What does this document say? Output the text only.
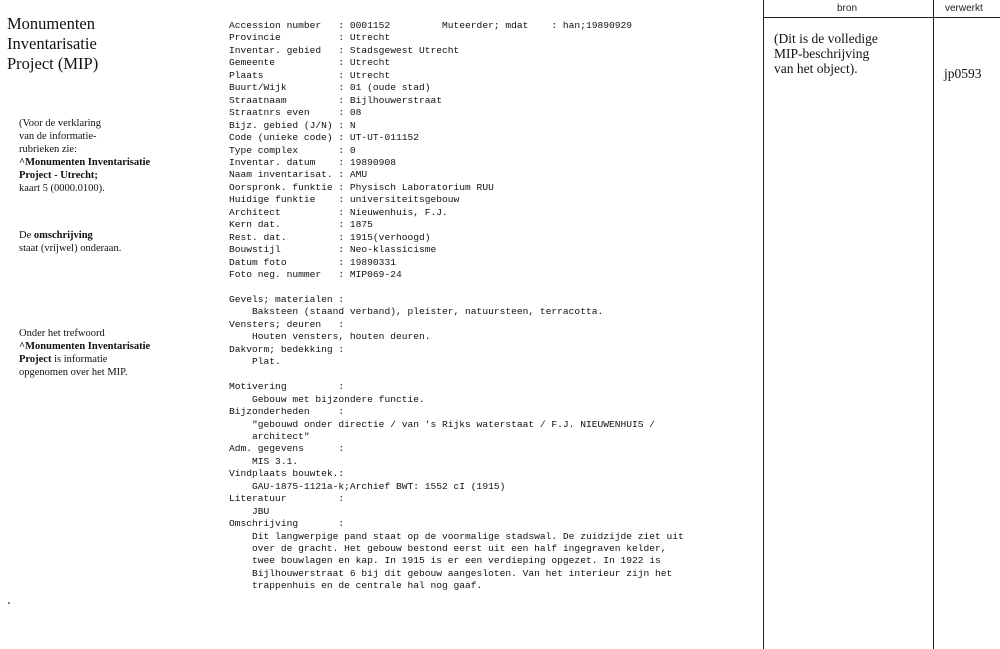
Monumenten
Inventarisatie
Project (MIP)
(Voor de verklaring
van de informatie-
rubrieken zie:
^Monumenten Inventarisatie
Project - Utrecht;
kaart 5 (0000.0100).
De omschrijving
staat (vrijwel) onderaan.
Onder het trefwoord
^Monumenten Inventarisatie
Project is informatie
opgenomen over het MIP.
Accession number   : 0001152         Muteerder; mdat    : han;19890929
Provincie          : Utrecht
Inventar. gebied   : Stadsgewest Utrecht
Gemeente           : Utrecht
Plaats             : Utrecht
Buurt/Wijk         : 01 (oude stad)
Straatnaam         : Bijlhouwerstraat
Straatnrs even     : 08
Bijz. gebied (J/N) : N
Code (unieke code) : UT-UT-011152
Type complex       : 0
Inventar. datum    : 19890908
Naam inventarisat. : AMU
Oorspronk. funktie : Physisch Laboratorium RUU
Huidige funktie    : universiteitsgebouw
Architect          : Nieuwenhuis, F.J.
Kern dat.          : 1875
Rest. dat.         : 1915(verhoogd)
Bouwstijl          : Neo-klassicisme
Datum foto         : 19890331
Foto neg. nummer   : MIP069-24

Gevels; materialen :
Baksteen (staand verband), pleister, natuursteen, terracotta.
Vensters; deuren   :
Houten vensters, houten deuren.
Dakvorm; bedekking :
Plat.

Motivering         :
Gebouw met bijzondere functie.
Bijzonderheden     :
"gebouwd onder directie / van 's Rijks waterstaat / F.J. NIEUWENHUIS /
architect"
Adm. gegevens      :
MIS 3.1.
Vindplaats bouwtek.:
GAU-1875-1121a-k;Archief BWT: 1552 cI (1915)
Literatuur         :
JBU
Omschrijving       :
Dit langwerpige pand staat op de voormalige stadswal. De zuidzijde ziet uit
over de gracht. Het gebouw bestond eerst uit een half ingegraven kelder,
twee bouwlagen en kap. In 1915 is er een verdieping opgezet. In 1922 is
Bijlhouwerstraat 6 bij dit gebouw aangesloten. Van het interieur zijn het
trappenhuis en de centrale hal nog gaaf.
bron	verwerkt
(Dit is de volledige
MIP-beschrijving
van het object).	jp0593
